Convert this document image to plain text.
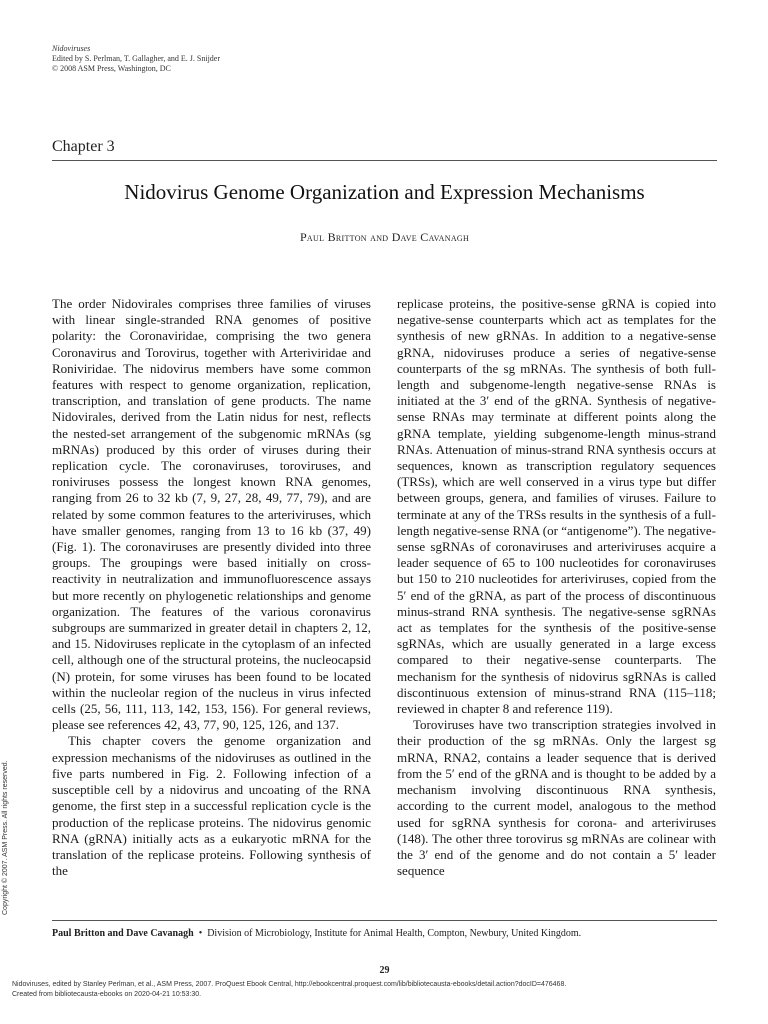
Nidoviruses
Edited by S. Perlman, T. Gallagher, and E. J. Snijder
© 2008 ASM Press, Washington, DC
Chapter 3
Nidovirus Genome Organization and Expression Mechanisms
Paul Britton and Dave Cavanagh

The order Nidovirales comprises three families of viruses with linear single-stranded RNA genomes of positive polarity: the Coronaviridae, comprising the two genera Coronavirus and Torovirus, together with Arteriviridae and Roniviridae. The nidovirus members have some common features with respect to genome organization, replication, transcription, and translation of gene products. The name Nidovirales, derived from the Latin nidus for nest, reflects the nested-set arrangement of the subgenomic mRNAs (sg mRNAs) produced by this order of viruses during their replication cycle. The coronaviruses, toroviruses, and roniviruses possess the longest known RNA genomes, ranging from 26 to 32 kb (7, 9, 27, 28, 49, 77, 79), and are related by some common features to the arteriviruses, which have smaller genomes, ranging from 13 to 16 kb (37, 49) (Fig. 1). The coronaviruses are presently divided into three groups. The groupings were based initially on cross-reactivity in neutralization and immunofluorescence assays but more recently on phylogenetic relationships and genome organization. The features of the various coronavirus subgroups are summarized in greater detail in chapters 2, 12, and 15. Nidoviruses replicate in the cytoplasm of an infected cell, although one of the structural proteins, the nucleocapsid (N) protein, for some viruses has been found to be located within the nucleolar region of the nucleus in virus infected cells (25, 56, 111, 113, 142, 153, 156). For general reviews, please see references 42, 43, 77, 90, 125, 126, and 137.

This chapter covers the genome organization and expression mechanisms of the nidoviruses as outlined in the five parts numbered in Fig. 2. Following infection of a susceptible cell by a nidovirus and uncoating of the RNA genome, the first step in a successful replication cycle is the production of the replicase proteins. The nidovirus genomic RNA (gRNA) initially acts as a eukaryotic mRNA for the translation of the replicase proteins. Following synthesis of the

replicase proteins, the positive-sense gRNA is copied into negative-sense counterparts which act as templates for the synthesis of new gRNAs. In addition to a negative-sense gRNA, nidoviruses produce a series of negative-sense counterparts of the sg mRNAs. The synthesis of both full-length and subgenome-length negative-sense RNAs is initiated at the 3′ end of the gRNA. Synthesis of negative-sense RNAs may terminate at different points along the gRNA template, yielding subgenome-length minus-strand RNAs. Attenuation of minus-strand RNA synthesis occurs at sequences, known as transcription regulatory sequences (TRSs), which are well conserved in a virus type but differ between groups, genera, and families of viruses. Failure to terminate at any of the TRSs results in the synthesis of a full-length negative-sense RNA (or “antigenome”). The negative-sense sgRNAs of coronaviruses and arteriviruses acquire a leader sequence of 65 to 100 nucleotides for coronaviruses but 150 to 210 nucleotides for arteriviruses, copied from the 5′ end of the gRNA, as part of the process of discontinuous minus-strand RNA synthesis. The negative-sense sgRNAs act as templates for the synthesis of the positive-sense sgRNAs, which are usually generated in a large excess compared to their negative-sense counterparts. The mechanism for the synthesis of nidovirus sgRNAs is called discontinuous extension of minus-strand RNA (115–118; reviewed in chapter 8 and reference 119).

Toroviruses have two transcription strategies involved in their production of the sg mRNAs. Only the largest sg mRNA, RNA2, contains a leader sequence that is derived from the 5′ end of the gRNA and is thought to be added by a mechanism involving discontinuous RNA synthesis, according to the current model, analogous to the method used for sgRNA synthesis for corona- and arteriviruses (148). The other three torovirus sg mRNAs are colinear with the 3′ end of the genome and do not contain a 5′ leader sequence

Copyright © 2007. ASM Press. All rights reserved.
Paul Britton and Dave Cavanagh • Division of Microbiology, Institute for Animal Health, Compton, Newbury, United Kingdom.
29
Nidoviruses, edited by Stanley Perlman, et al., ASM Press, 2007. ProQuest Ebook Central, http://ebookcentral.proquest.com/lib/bibliotecausta-ebooks/detail.action?docID=476468.
Created from bibliotecausta-ebooks on 2020-04-21 10:53:30.
